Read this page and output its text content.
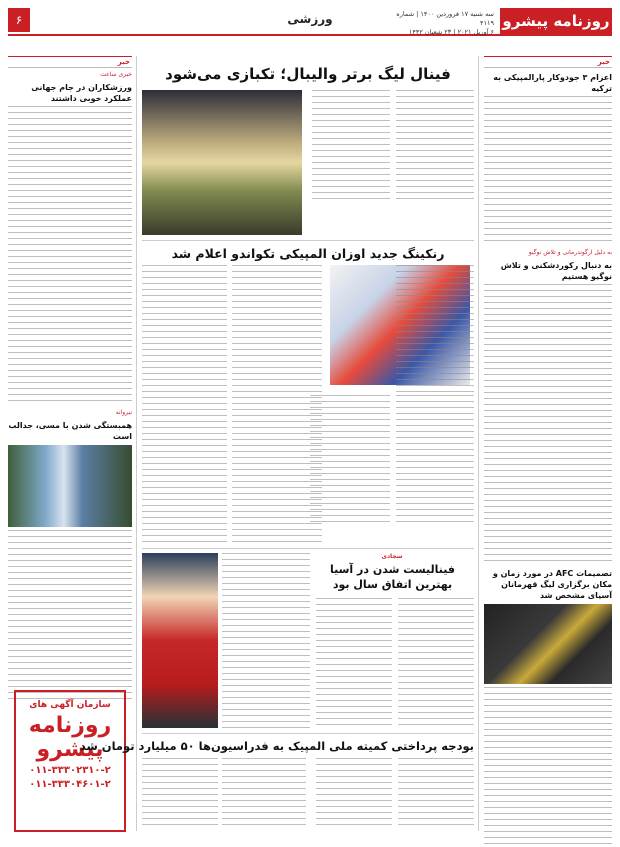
روزنامه پیشرو
سه شنبه ۱۷ فروردین ۱۴۰۰ | شماره ۴۱۱۹
۶ آوریل ۲۰۲۱ | ۲۳ شعبان ۱۴۴۲
ورزشی
۶
خبر
اعزام ۳ جودوکار پارالمپیکی به ترکیه
به دلیل ارگوندرمانی و تلاش نوگیو
به دنبال رکوردشکنی و تلاش نوگیو هستیم
تصمیمات AFC در مورد زمان و مکان برگزاری لیگ قهرمانان آسیای مشخص شد
خبر
خبری ساعت
ورزشکاران در جام جهانی عملکرد خوبی داشتند
نیروانه
همبستگی شدن با مسی، جدالب است
سازمان آگهی های
روزنامه پیشرو
۰۱۱-۳۳۳۰۲۳۱۰-۲
۰۱۱-۳۳۳۰۴۶۰۱-۲
فینال لیگ برتر والیبال؛ تکبازی می‌شود
رنکینگ جدید اوزان المپیکی تکواندو اعلام شد
سجادی
فینالیست شدن در آسیا بهترین اتفاق سال بود
بودجه پرداختی کمیته ملی المپیک به فدراسیون‌ها ۵۰ میلیارد تومان شد
